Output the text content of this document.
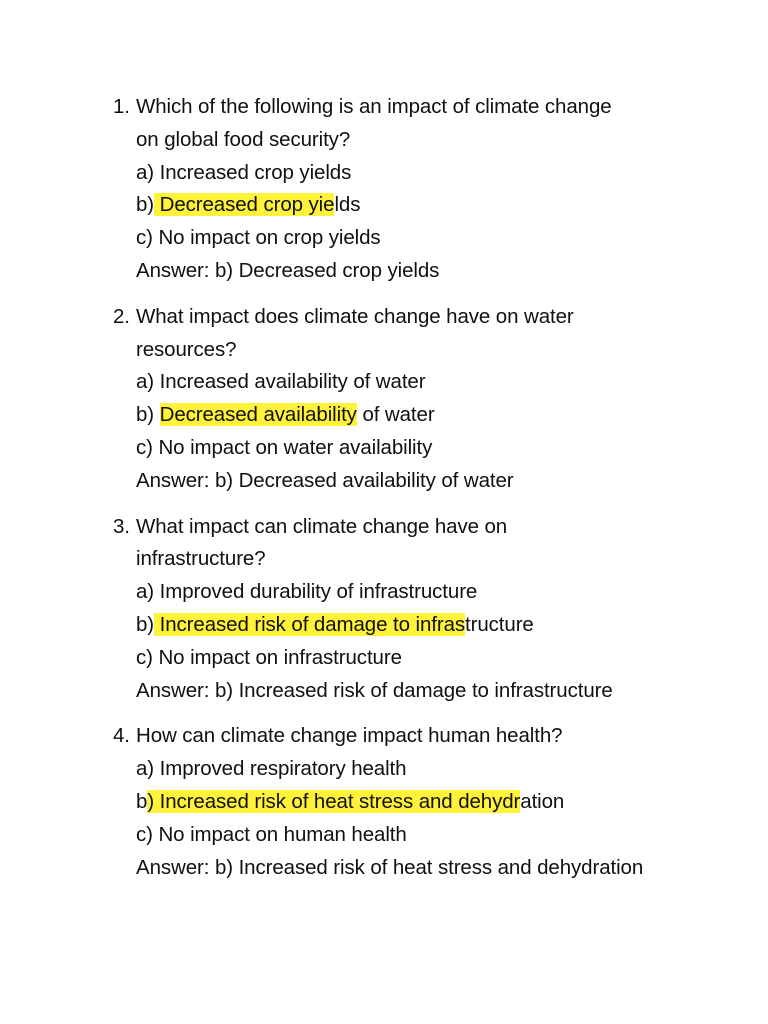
1. Which of the following is an impact of climate change
on global food security?
a) Increased crop yields
b) Decreased crop yields
c) No impact on crop yields
Answer: b) Decreased crop yields
2. What impact does climate change have on water
resources?
a) Increased availability of water
b) Decreased availability of water
c) No impact on water availability
Answer: b) Decreased availability of water
3. What impact can climate change have on
infrastructure?
a) Improved durability of infrastructure
b) Increased risk of damage to infrastructure
c) No impact on infrastructure
Answer: b) Increased risk of damage to infrastructure
4. How can climate change impact human health?
a) Improved respiratory health
b) Increased risk of heat stress and dehydration
c) No impact on human health
Answer: b) Increased risk of heat stress and dehydration
